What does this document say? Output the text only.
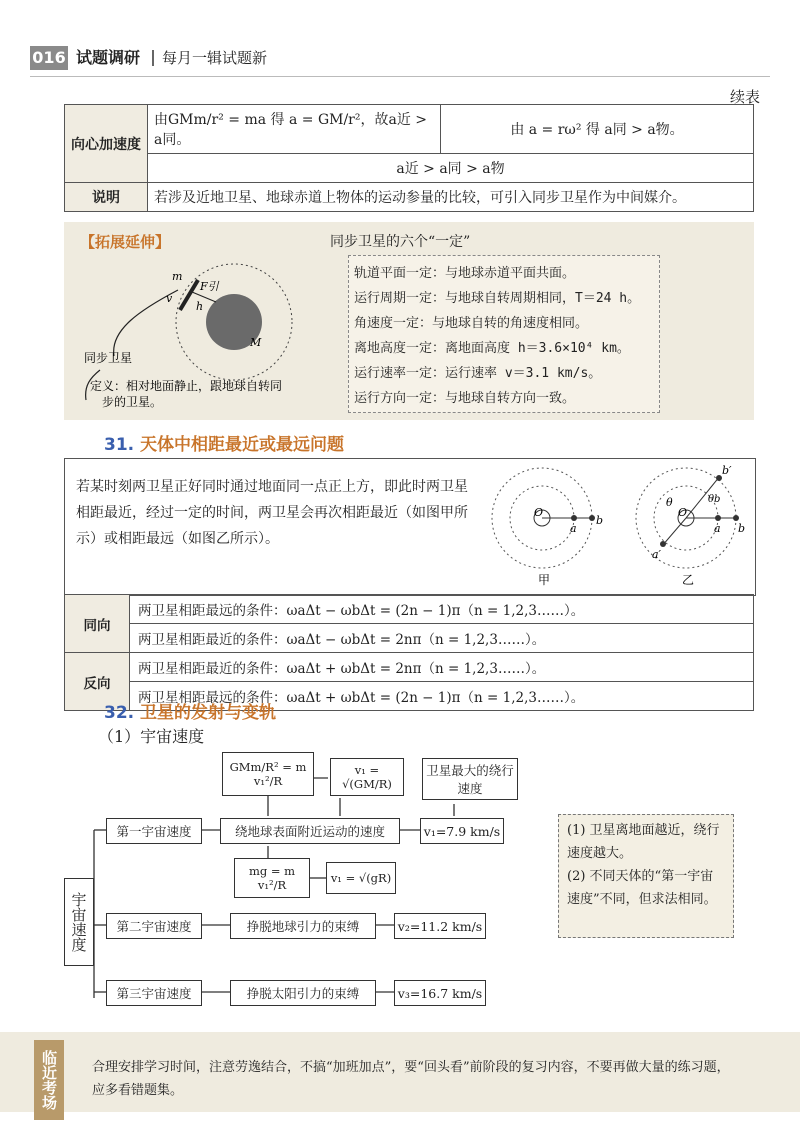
016 试题调研 每月一辑试题新
续表
向心加速度	由GMm/r² = ma 得 a = GM/r²，故a近 > a同。	由 a = rω² 得 a同 > a物。
	a近 > a同 > a物	
说明	若涉及近地卫星、地球赤道上物体的运动参量的比较，可引入同步卫星作为中间媒介。	
【拓展延伸】	同步卫星的六个“一定”
m
F引
v
h
M
同步卫星
定义：相对地面静止，跟地球自转同
步的卫星。
轨道平面一定：与地球赤道平面共面。
运行周期一定：与地球自转周期相同，T＝24 h。
角速度一定：与地球自转的角速度相同。
离地高度一定：离地面高度 h＝3.6×10⁴ km。
运行速率一定：运行速率 v＝3.1 km/s。
运行方向一定：与地球自转方向一致。
31. 天体中相距最近或最远问题
若某时刻两卫星正好同时通过地面同一点正上方，即此时两卫星相距最近，经过一定的时间，两卫星会再次相距最近（如图甲所示）或相距最远（如图乙所示）。
O
a
b
甲
O
a b
b′
a′
θ	θb
乙
同向	两卫星相距最远的条件：ωaΔt − ωbΔt = (2n − 1)π（n = 1,2,3……）。
	两卫星相距最近的条件：ωaΔt − ωbΔt = 2nπ（n = 1,2,3……）。
反向	两卫星相距最近的条件：ωaΔt + ωbΔt = 2nπ（n = 1,2,3……）。
	两卫星相距最远的条件：ωaΔt + ωbΔt = (2n − 1)π（n = 1,2,3……）。
32. 卫星的发射与变轨
（1）宇宙速度
宇宙速度
第一宇宙速度	绕地球表面附近运动的速度	v₁=7.9 km/s
GMm/R² = m v₁²/R
v₁ = √(GM/R)
卫星最大的绕行速度
mg = m v₁²/R	v₁ = √(gR)
第二宇宙速度	挣脱地球引力的束缚	v₂=11.2 km/s
第三宇宙速度	挣脱太阳引力的束缚	v₃=16.7 km/s
(1) 卫星离地面越近，绕行速度越大。
(2) 不同天体的“第一宇宙速度”不同，但求法相同。
临近考场	合理安排学习时间，注意劳逸结合，不搞“加班加点”，要“回头看”前阶段的复习内容，不要再做大量的练习题，应多看错题集。
